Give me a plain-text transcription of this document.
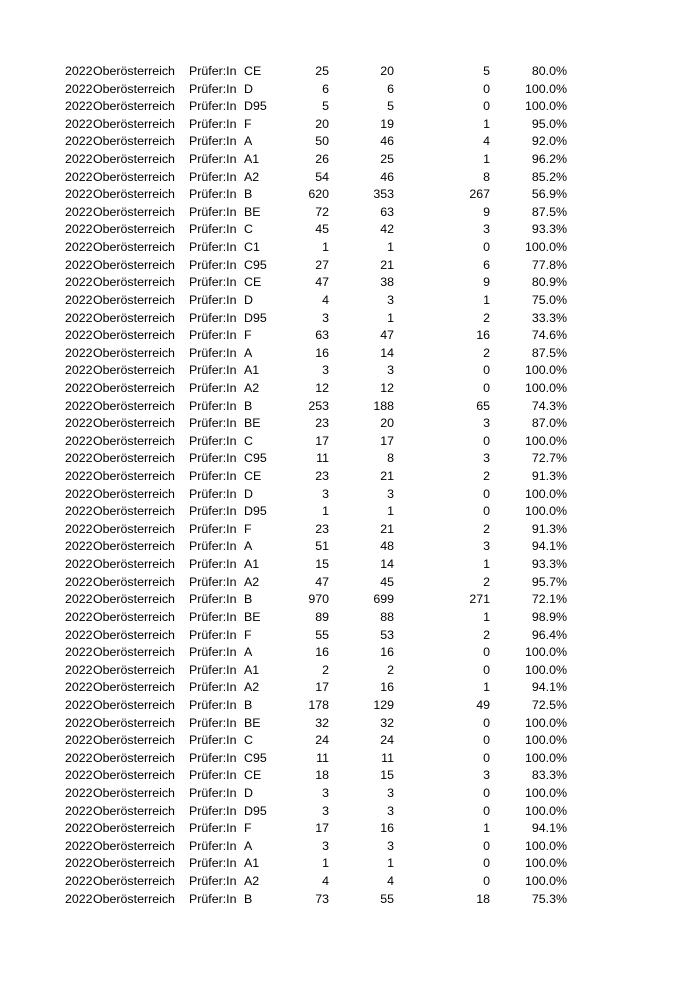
2022 Oberösterreich Prüfer:In CE	25	20	5	80.0%
2022 Oberösterreich Prüfer:In D	6	6	0	100.0%
2022 Oberösterreich Prüfer:In D95	5	5	0	100.0%
2022 Oberösterreich Prüfer:In F	20	19	1	95.0%
2022 Oberösterreich Prüfer:In A	50	46	4	92.0%
2022 Oberösterreich Prüfer:In A1	26	25	1	96.2%
2022 Oberösterreich Prüfer:In A2	54	46	8	85.2%
2022 Oberösterreich Prüfer:In B	620	353	267	56.9%
2022 Oberösterreich Prüfer:In BE	72	63	9	87.5%
2022 Oberösterreich Prüfer:In C	45	42	3	93.3%
2022 Oberösterreich Prüfer:In C1	1	1	0	100.0%
2022 Oberösterreich Prüfer:In C95	27	21	6	77.8%
2022 Oberösterreich Prüfer:In CE	47	38	9	80.9%
2022 Oberösterreich Prüfer:In D	4	3	1	75.0%
2022 Oberösterreich Prüfer:In D95	3	1	2	33.3%
2022 Oberösterreich Prüfer:In F	63	47	16	74.6%
2022 Oberösterreich Prüfer:In A	16	14	2	87.5%
2022 Oberösterreich Prüfer:In A1	3	3	0	100.0%
2022 Oberösterreich Prüfer:In A2	12	12	0	100.0%
2022 Oberösterreich Prüfer:In B	253	188	65	74.3%
2022 Oberösterreich Prüfer:In BE	23	20	3	87.0%
2022 Oberösterreich Prüfer:In C	17	17	0	100.0%
2022 Oberösterreich Prüfer:In C95	11	8	3	72.7%
2022 Oberösterreich Prüfer:In CE	23	21	2	91.3%
2022 Oberösterreich Prüfer:In D	3	3	0	100.0%
2022 Oberösterreich Prüfer:In D95	1	1	0	100.0%
2022 Oberösterreich Prüfer:In F	23	21	2	91.3%
2022 Oberösterreich Prüfer:In A	51	48	3	94.1%
2022 Oberösterreich Prüfer:In A1	15	14	1	93.3%
2022 Oberösterreich Prüfer:In A2	47	45	2	95.7%
2022 Oberösterreich Prüfer:In B	970	699	271	72.1%
2022 Oberösterreich Prüfer:In BE	89	88	1	98.9%
2022 Oberösterreich Prüfer:In F	55	53	2	96.4%
2022 Oberösterreich Prüfer:In A	16	16	0	100.0%
2022 Oberösterreich Prüfer:In A1	2	2	0	100.0%
2022 Oberösterreich Prüfer:In A2	17	16	1	94.1%
2022 Oberösterreich Prüfer:In B	178	129	49	72.5%
2022 Oberösterreich Prüfer:In BE	32	32	0	100.0%
2022 Oberösterreich Prüfer:In C	24	24	0	100.0%
2022 Oberösterreich Prüfer:In C95	11	11	0	100.0%
2022 Oberösterreich Prüfer:In CE	18	15	3	83.3%
2022 Oberösterreich Prüfer:In D	3	3	0	100.0%
2022 Oberösterreich Prüfer:In D95	3	3	0	100.0%
2022 Oberösterreich Prüfer:In F	17	16	1	94.1%
2022 Oberösterreich Prüfer:In A	3	3	0	100.0%
2022 Oberösterreich Prüfer:In A1	1	1	0	100.0%
2022 Oberösterreich Prüfer:In A2	4	4	0	100.0%
2022 Oberösterreich Prüfer:In B	73	55	18	75.3%
